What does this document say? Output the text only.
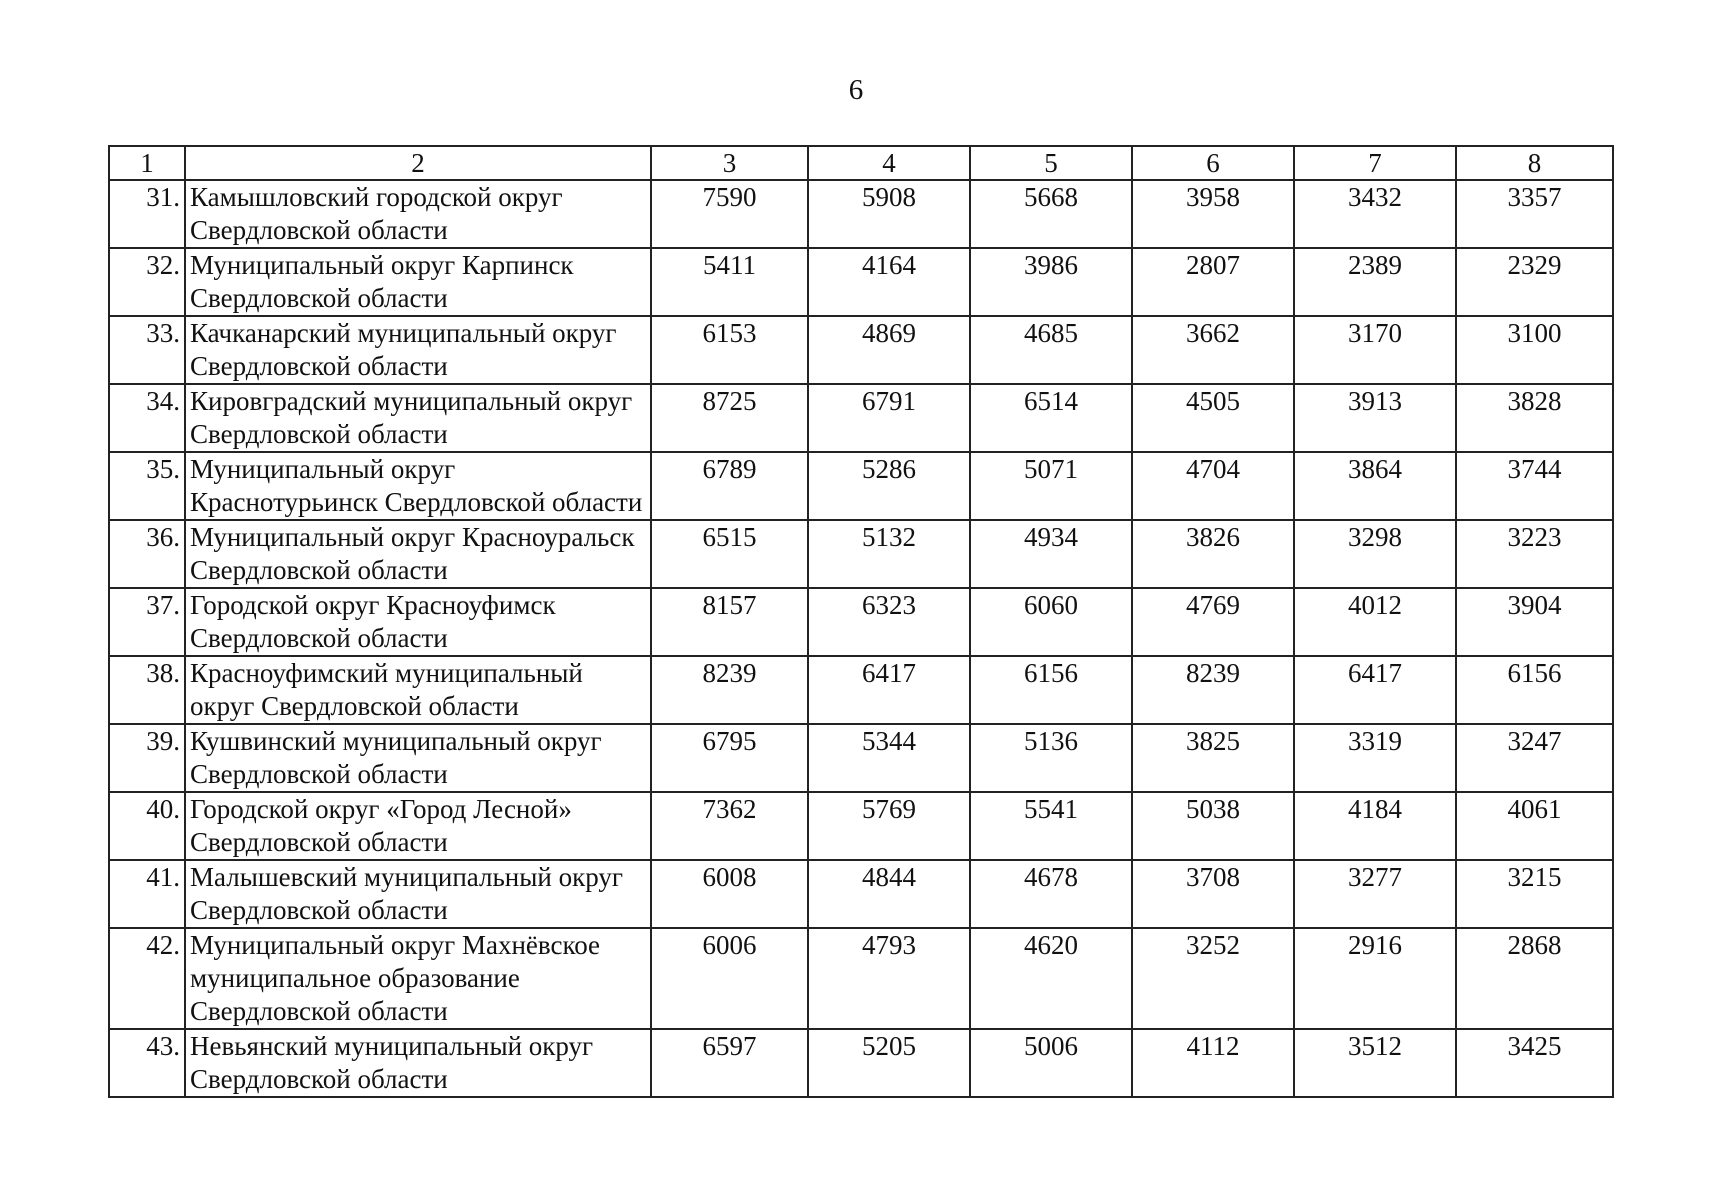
6
1	2	3	4	5	6	7	8
31.	Камышловский городской округ Свердловской области	7590	5908	5668	3958	3432	3357
32.	Муниципальный округ Карпинск Свердловской области	5411	4164	3986	2807	2389	2329
33.	Качканарский муниципальный округ Свердловской области	6153	4869	4685	3662	3170	3100
34.	Кировградский муниципальный округ Свердловской области	8725	6791	6514	4505	3913	3828
35.	Муниципальный округ Краснотурьинск Свердловской области	6789	5286	5071	4704	3864	3744
36.	Муниципальный округ Красноуральск Свердловской области	6515	5132	4934	3826	3298	3223
37.	Городской округ Красноуфимск Свердловской области	8157	6323	6060	4769	4012	3904
38.	Красноуфимский муниципальный округ Свердловской области	8239	6417	6156	8239	6417	6156
39.	Кушвинский муниципальный округ Свердловской области	6795	5344	5136	3825	3319	3247
40.	Городской округ «Город Лесной» Свердловской области	7362	5769	5541	5038	4184	4061
41.	Малышевский муниципальный округ Свердловской области	6008	4844	4678	3708	3277	3215
42.	Муниципальный округ Махнёвское муниципальное образование Свердловской области	6006	4793	4620	3252	2916	2868
43.	Невьянский муниципальный округ Свердловской области	6597	5205	5006	4112	3512	3425
